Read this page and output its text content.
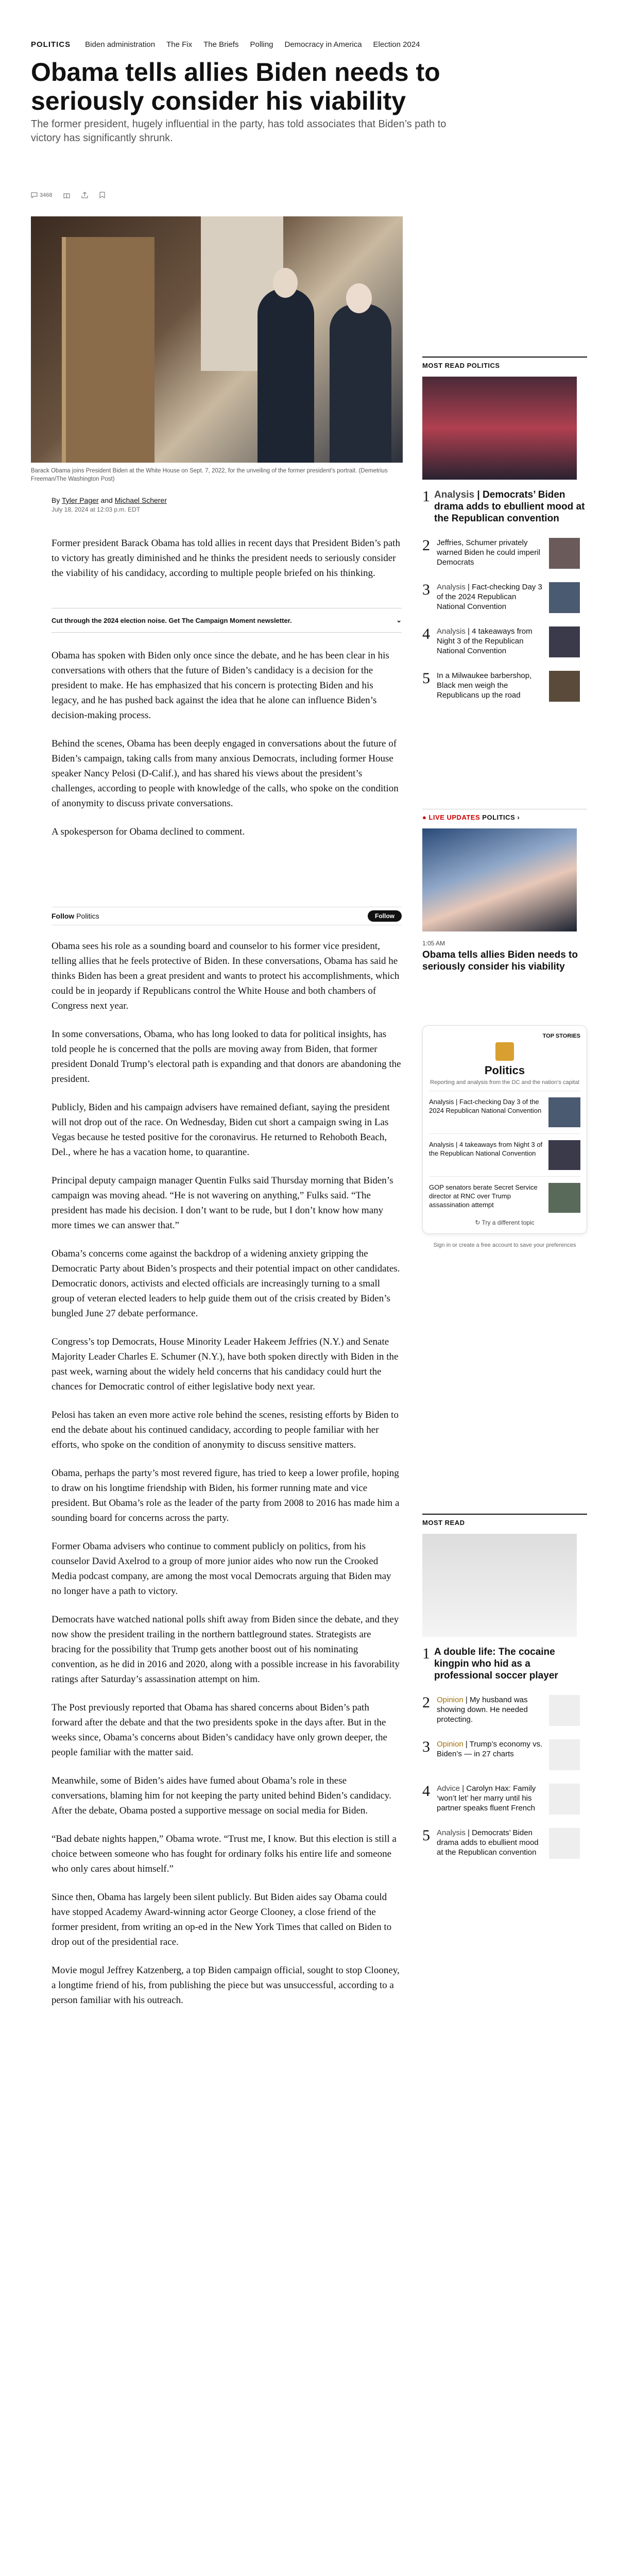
POLITICS Biden administration The Fix The Briefs Polling Democracy in America Election 2024
Obama tells allies Biden needs to seriously consider his viability

The former president, hugely influential in the party, has told associates that Biden’s path to victory has significantly shrunk.

3468

Barack Obama joins President Biden at the White House on Sept. 7, 2022, for the unveiling of the former president’s portrait. (Demetrius Freeman/The Washington Post)

By Tyler Pager and Michael Scherer
July 18, 2024 at 12:03 p.m. EDT

Former president Barack Obama has told allies in recent days that President Biden’s path to victory has greatly diminished and he thinks the president needs to seriously consider the viability of his candidacy, according to multiple people briefed on his thinking.

Cut through the 2024 election noise. Get The Campaign Moment newsletter.	⌄

Obama has spoken with Biden only once since the debate, and he has been clear in his conversations with others that the future of Biden’s candidacy is a decision for the president to make. He has emphasized that his concern is protecting Biden and his legacy, and he has pushed back against the idea that he alone can influence Biden’s decision-making process.

Behind the scenes, Obama has been deeply engaged in conversations about the future of Biden’s campaign, taking calls from many anxious Democrats, including former House speaker Nancy Pelosi (D-Calif.), and has shared his views about the president’s challenges, according to people with knowledge of the calls, who spoke on the condition of anonymity to discuss private conversations.

A spokesperson for Obama declined to comment.

Follow Politics	Follow

Obama sees his role as a sounding board and counselor to his former vice president, telling allies that he feels protective of Biden. In these conversations, Obama has said he thinks Biden has been a great president and wants to protect his accomplishments, which could be in jeopardy if Republicans control the White House and both chambers of Congress next year.

In some conversations, Obama, who has long looked to data for political insights, has told people he is concerned that the polls are moving away from Biden, that former president Donald Trump’s electoral path is expanding and that donors are abandoning the president.

Publicly, Biden and his campaign advisers have remained defiant, saying the president will not drop out of the race. On Wednesday, Biden cut short a campaign swing in Las Vegas because he tested positive for the coronavirus. He returned to Rehoboth Beach, Del., where he has a vacation home, to quarantine.

Principal deputy campaign manager Quentin Fulks said Thursday morning that Biden’s campaign was moving ahead. “He is not wavering on anything,” Fulks said. “The president has made his decision. I don’t want to be rude, but I don’t know how many more times we can answer that.”

Obama’s concerns come against the backdrop of a widening anxiety gripping the Democratic Party about Biden’s prospects and their potential impact on other candidates. Democratic donors, activists and elected officials are increasingly turning to a small group of veteran elected leaders to help guide them out of the crisis created by Biden’s bungled June 27 debate performance.

Congress’s top Democrats, House Minority Leader Hakeem Jeffries (N.Y.) and Senate Majority Leader Charles E. Schumer (N.Y.), have both spoken directly with Biden in the past week, warning about the widely held concerns that his candidacy could hurt the chances for Democratic control of either legislative body next year.

Pelosi has taken an even more active role behind the scenes, resisting efforts by Biden to end the debate about his continued candidacy, according to people familiar with her efforts, who spoke on the condition of anonymity to discuss sensitive matters.

Obama, perhaps the party’s most revered figure, has tried to keep a lower profile, hoping to draw on his longtime friendship with Biden, his former running mate and vice president. But Obama’s role as the leader of the party from 2008 to 2016 has made him a sounding board for concerns across the party.

Former Obama advisers who continue to comment publicly on politics, from his counselor David Axelrod to a group of more junior aides who now run the Crooked Media podcast company, are among the most vocal Democrats arguing that Biden may no longer have a path to victory.

Democrats have watched national polls shift away from Biden since the debate, and they now show the president trailing in the northern battleground states. Strategists are bracing for the possibility that Trump gets another boost out of his nominating convention, as he did in 2016 and 2020, along with a possible increase in his favorability ratings after Saturday’s assassination attempt on him.

The Post previously reported that Obama has shared concerns about Biden’s path forward after the debate and that the two presidents spoke in the days after. But in the weeks since, Obama’s concerns about Biden’s candidacy have only grown deeper, the people familiar with the matter said.

Meanwhile, some of Biden’s aides have fumed about Obama’s role in these conversations, blaming him for not keeping the party united behind Biden’s candidacy. After the debate, Obama posted a supportive message on social media for Biden.

“Bad debate nights happen,” Obama wrote. “Trust me, I know. But this election is still a choice between someone who has fought for ordinary folks his entire life and someone who only cares about himself.”

Since then, Obama has largely been silent publicly. But Biden aides say Obama could have stopped Academy Award-winning actor George Clooney, a close friend of the former president, from writing an op-ed in the New York Times that called on Biden to drop out of the presidential race.

Movie mogul Jeffrey Katzenberg, a top Biden campaign official, sought to stop Clooney, a longtime friend of his, from publishing the piece but was unsuccessful, according to a person familiar with his outreach.

MOST READ POLITICS
1 Analysis | Democrats’ Biden drama adds to ebullient mood at the Republican convention
2 Jeffries, Schumer privately warned Biden he could imperil Democrats
3 Analysis | Fact-checking Day 3 of the 2024 Republican National Convention
4 Analysis | 4 takeaways from Night 3 of the Republican National Convention
5 In a Milwaukee barbershop, Black men weigh the Republicans up the road
● LIVE UPDATES POLITICS ›
1:05 AM
Obama tells allies Biden needs to seriously consider his viability
TOP STORIES
Politics
Reporting and analysis from the DC and the nation’s capital
Analysis | Fact-checking Day 3 of the 2024 Republican National Convention
Analysis | 4 takeaways from Night 3 of the Republican National Convention
GOP senators berate Secret Service director at RNC over Trump assassination attempt
↻ Try a different topic
Sign in or create a free account to save your preferences
MOST READ
1 A double life: The cocaine kingpin who hid as a professional soccer player
2 Opinion | My husband was showing down. He needed protecting.
3 Opinion | Trump’s economy vs. Biden’s — in 27 charts
4 Advice | Carolyn Hax: Family ‘won’t let’ her marry until his partner speaks fluent French
5 Analysis | Democrats’ Biden drama adds to ebullient mood at the Republican convention
